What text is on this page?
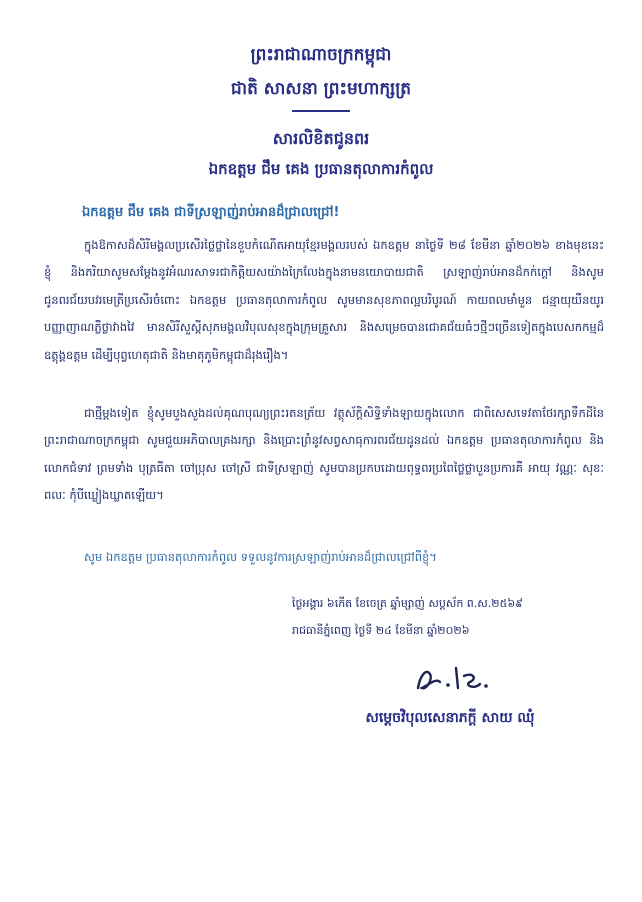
ព្រះរាជាណាចក្រកម្ពុជា
ជាតិ សាសនា ព្រះមហាក្សត្រ
សារលិខិតជូនពរ
ឯកឧត្តម ជឹម គេង ប្រធានតុលាការកំពូល
ឯកឧត្តម ជឹម គេង ជាទីស្រឡាញ់រាប់អានដ៏ជ្រាលជ្រៅ!
ក្នុងឱកាសដ៏សិរីមង្គលប្រសើរថ្លៃថ្លានៃខួបកំណើតអាយុខ្មែរមង្គលរបស់ ឯកឧត្តម នាថ្ងៃទី ២៨ ខែមីនា ឆ្នាំ២០២៦ ខាងមុខនេះ ខ្ញុំ និងភរិយាសូមសម្តែងនូវអំណរសាទរជាកិត្តិយសយ៉ាងក្រៃលែងក្នុងនាមនយោបាយជាតិ ស្រឡាញ់រាប់អានដ៏កក់ក្តៅ និងសូមជូនពរជ័យបវរមេត្រីប្រសើរចំពោះ ឯកឧត្តម ប្រធានតុលាការកំពូល សូមមានសុខភាពល្អបរិបូរណ៍ កាយពលមាំមួន ជន្មាយុយឺនយូរ បញ្ញាញាណភ្លឺថ្លាវាងវៃ មានសិរីសួស្តីសុភមង្គលវិបុលសុខក្នុងក្រុមគ្រួសារ និងសម្រេចបានជោគជ័យធំៗថ្មីៗច្រើនទៀតក្នុងបេសកកម្មដ៏ឧត្តុង្គឧត្តម ដើម្បីបុព្វហេតុជាតិ និងមាតុភូមិកម្ពុជាដ៏រុងរឿង។
ជាថ្មីម្តងទៀត ខ្ញុំសូមបួងសួងដល់គុណបុណ្យព្រះរតនត្រ័យ វត្ថុស័ក្តិសិទ្ធិទាំងឡាយក្នុងលោក ជាពិសេសទេវតាថែរក្សាទឹកដីនៃព្រះរាជាណាចក្រកម្ពុជា សូមជួយអភិបាលគ្រងរក្សា និងប្រោះព្រំនូវសព្វសាធុការពរជ័យដូនដល់ ឯកឧត្តម ប្រធានតុលាការកំពូល និងលោកជំទាវ ព្រមទាំង បុត្រធីតា ចៅប្រុស ចៅស្រី ជាទីស្រឡាញ់ សូមបានប្រកបដោយពុទ្ធពរប្រពៃថ្លៃថ្លាបួនប្រការគឺ អាយុ វណ្ណៈ សុខៈ ពលៈ កុំបីឃ្លៀងឃ្លាតឡើយ។
សូម ឯកឧត្តម ប្រធានតុលាការកំពូល ទទួលនូវការស្រឡាញ់រាប់អានដ៏ជ្រាលជ្រៅពីខ្ញុំ។
ថ្ងៃអង្គារ ៦កើត ខែចេត្រ ឆ្នាំម្សាញ់ សប្តស័ក ព.ស.២៥៦៩
រាជធានីភ្នំពេញ ថ្ងៃទី ២៤ ខែមីនា ឆ្នាំ២០២៦
សម្តេចវិបុលសេនាភក្តី សាយ ឈុំ
